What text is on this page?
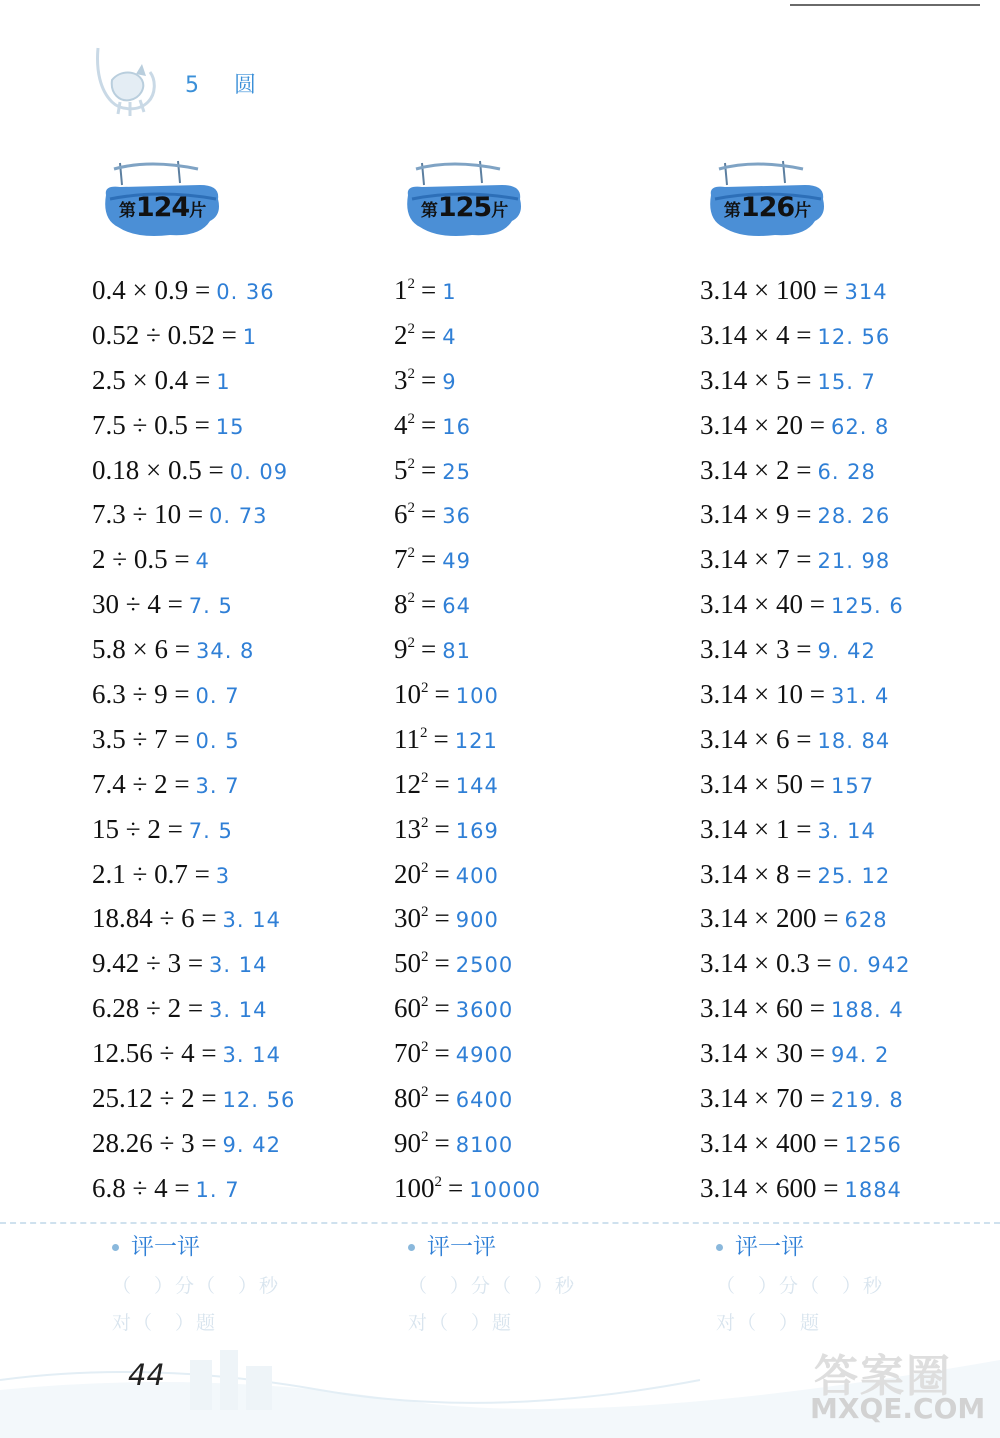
5 圆
第124片
0.4 × 0.9 = 0. 36
0.52 ÷ 0.52 = 1
2.5 × 0.4 = 1
7.5 ÷ 0.5 = 15
0.18 × 0.5 = 0. 09
7.3 ÷ 10 = 0. 73
2 ÷ 0.5 = 4
30 ÷ 4 = 7. 5
5.8 × 6 = 34. 8
6.3 ÷ 9 = 0. 7
3.5 ÷ 7 = 0. 5
7.4 ÷ 2 = 3. 7
15 ÷ 2 = 7. 5
2.1 ÷ 0.7 = 3
18.84 ÷ 6 = 3. 14
9.42 ÷ 3 = 3. 14
6.28 ÷ 2 = 3. 14
12.56 ÷ 4 = 3. 14
25.12 ÷ 2 = 12. 56
28.26 ÷ 3 = 9. 42
6.8 ÷ 4 = 1. 7
第125片
$1^2 = 1$
$2^2 = 4$
$3^2 = 9$
$4^2 = 16$
$5^2 = 25$
$6^2 = 36$
$7^2 = 49$
$8^2 = 64$
$9^2 = 81$
$10^2 = 100$
$11^2 = 121$
$12^2 = 144$
$13^2 = 169$
$20^2 = 400$
$30^2 = 900$
$50^2 = 2500$
$60^2 = 3600$
$70^2 = 4900$
$80^2 = 6400$
$90^2 = 8100$
$100^2 = 10000$
第126片
3.14 × 100 = 314
3.14 × 4 = 12. 56
3.14 × 5 = 15. 7
3.14 × 20 = 62. 8
3.14 × 2 = 6. 28
3.14 × 9 = 28. 26
3.14 × 7 = 21. 98
3.14 × 40 = 125. 6
3.14 × 3 = 9. 42
3.14 × 10 = 31. 4
3.14 × 6 = 18. 84
3.14 × 50 = 157
3.14 × 1 = 3. 14
3.14 × 8 = 25. 12
3.14 × 200 = 628
3.14 × 0.3 = 0. 942
3.14 × 60 = 188. 4
3.14 × 30 = 94. 2
3.14 × 70 = 219. 8
3.14 × 400 = 1256
3.14 × 600 = 1884
评一评
（　）分（　）秒
对（　）题
评一评
（　）分（　）秒
对（　）题
评一评
（　）分（　）秒
对（　）题
44	答案圈
MXQE.COM
